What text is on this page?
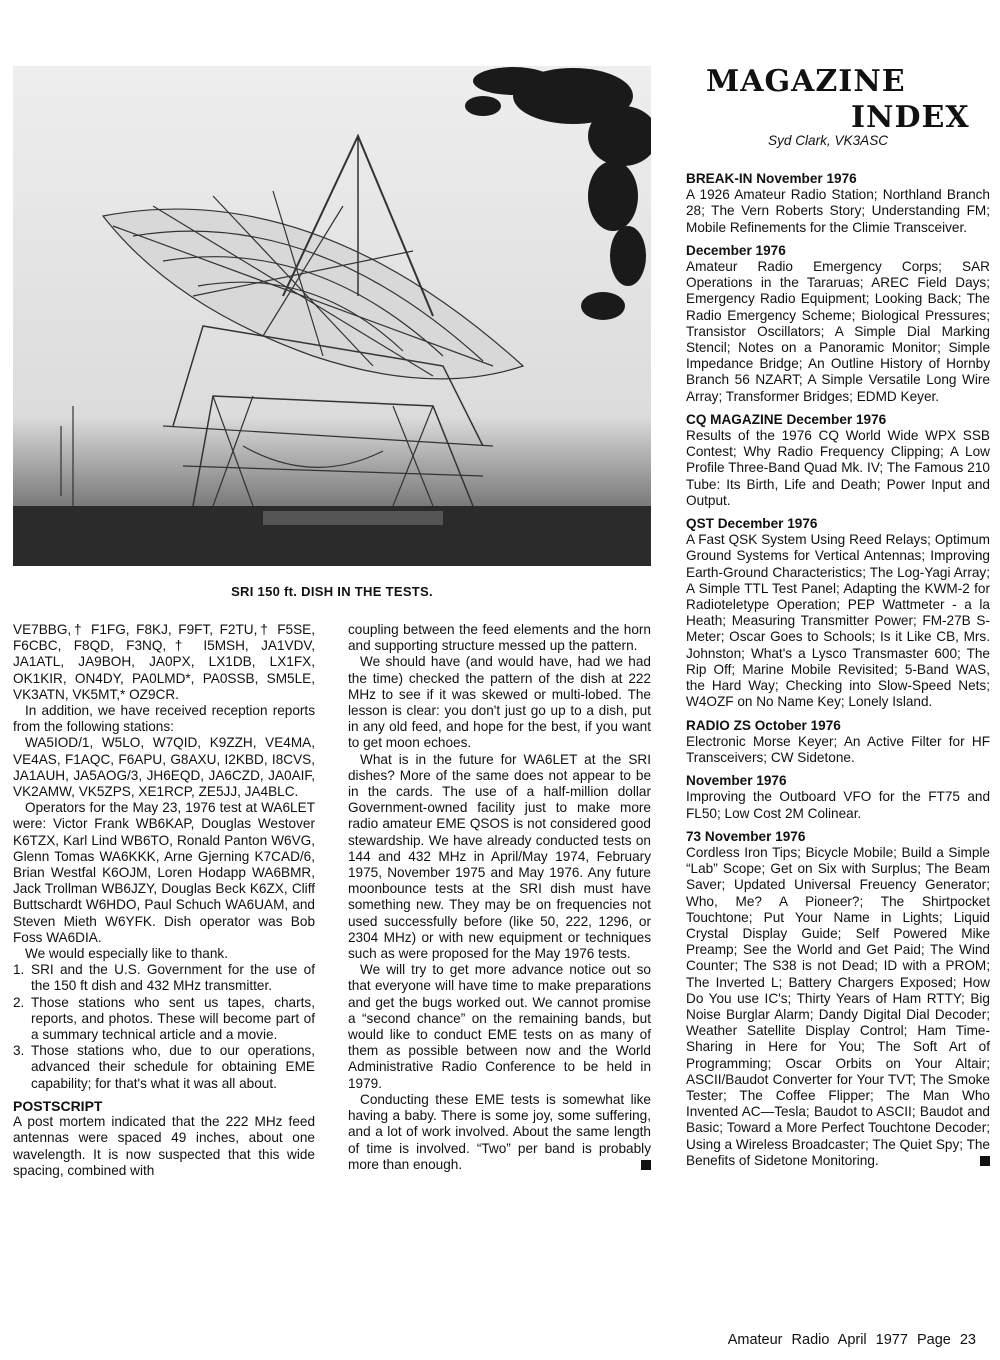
SRI 150 ft. DISH IN THE TESTS.

VE7BBG,† F1FG, F8KJ, F9FT, F2TU,† F5SE, F6CBC, F8QD, F3NQ,† I5MSH, JA1VDV, JA1ATL, JA9BOH, JA0PX, LX1DB, LX1FX, OK1KIR, ON4DY, PA0LMD*, PA0SSB, SM5LE, VK3ATN, VK5MT,* OZ9CR.

In addition, we have received reception reports from the following stations:

WA5IOD/1, W5LO, W7QID, K9ZZH, VE4MA, VE4AS, F1AQC, F6APU, G8AXU, I2KBD, I8CVS, JA1AUH, JA5AOG/3, JH6EQD, JA6CZD, JA0AIF, VK2AMW, VK5ZPS, XE1RCP, ZE5JJ, JA4BLC.

Operators for the May 23, 1976 test at WA6LET were: Victor Frank WB6KAP, Douglas Westover K6TZX, Karl Lind WB6TO, Ronald Panton W6VG, Glenn Tomas WA6KKK, Arne Gjerning K7CAD/6, Brian Westfal K6OJM, Loren Hodapp WA6BMR, Jack Trollman WB6JZY, Douglas Beck K6ZX, Cliff Buttschardt W6HDO, Paul Schuch WA6UAM, and Steven Mieth W6YFK. Dish operator was Bob Foss WA6DIA.

We would especially like to thank.

1. SRI and the U.S. Government for the use of the 150 ft dish and 432 MHz transmitter.
2. Those stations who sent us tapes, charts, reports, and photos. These will become part of a summary technical article and a movie.
3. Those stations who, due to our operations, advanced their schedule for obtaining EME capability; for that's what it was all about.
POSTSCRIPT

A post mortem indicated that the 222 MHz feed antennas were spaced 49 inches, about one wavelength. It is now suspected that this wide spacing, combined with

coupling between the feed elements and the horn and supporting structure messed up the pattern.

We should have (and would have, had we had the time) checked the pattern of the dish at 222 MHz to see if it was skewed or multi-lobed. The lesson is clear: you don't just go up to a dish, put in any old feed, and hope for the best, if you want to get moon echoes.

What is in the future for WA6LET at the SRI dishes? More of the same does not appear to be in the cards. The use of a half-million dollar Government-owned facility just to make more radio amateur EME QSOS is not considered good stewardship. We have already conducted tests on 144 and 432 MHz in April/May 1974, February 1975, November 1975 and May 1976. Any future moonbounce tests at the SRI dish must have something new. They may be on frequencies not used successfully before (like 50, 222, 1296, or 2304 MHz) or with new equipment or techniques such as were proposed for the May 1976 tests.

We will try to get more advance notice out so that everyone will have time to make preparations and get the bugs worked out. We cannot promise a “second chance” on the remaining bands, but would like to conduct EME tests on as many of them as possible between now and the World Administrative Radio Conference to be held in 1979.

Conducting these EME tests is somewhat like having a baby. There is some joy, some suffering, and a lot of work involved. About the same length of time is involved. “Two” per band is probably more than enough.

MAGAZINE
INDEX
Syd Clark, VK3ASC
BREAK-IN November 1976

A 1926 Amateur Radio Station; Northland Branch 28; The Vern Roberts Story; Understanding FM; Mobile Refinements for the Climie Transceiver.

December 1976

Amateur Radio Emergency Corps; SAR Operations in the Tararuas; AREC Field Days; Emergency Radio Equipment; Looking Back; The Radio Emergency Scheme; Biological Pressures; Transistor Oscillators; A Simple Dial Marking Stencil; Notes on a Panoramic Monitor; Simple Impedance Bridge; An Outline History of Hornby Branch 56 NZART; A Simple Versatile Long Wire Array; Transformer Bridges; EDMD Keyer.

CQ MAGAZINE December 1976

Results of the 1976 CQ World Wide WPX SSB Contest; Why Radio Frequency Clipping; A Low Profile Three-Band Quad Mk. IV; The Famous 210 Tube: Its Birth, Life and Death; Power Input and Output.

QST December 1976

A Fast QSK System Using Reed Relays; Optimum Ground Systems for Vertical Antennas; Improving Earth-Ground Characteristics; The Log-Yagi Array; A Simple TTL Test Panel; Adapting the KWM-2 for Radioteletype Operation; PEP Wattmeter - a la Heath; Measuring Transmitter Power; FM-27B S-Meter; Oscar Goes to Schools; Is it Like CB, Mrs. Johnston; What's a Lysco Transmaster 600; The Rip Off; Marine Mobile Revisited; 5-Band WAS, the Hard Way; Checking into Slow-Speed Nets; W4OZF on No Name Key; Lonely Island.

RADIO ZS October 1976

Electronic Morse Keyer; An Active Filter for HF Transceivers; CW Sidetone.

November 1976

Improving the Outboard VFO for the FT75 and FL50; Low Cost 2M Colinear.

73 November 1976

Cordless Iron Tips; Bicycle Mobile; Build a Simple “Lab” Scope; Get on Six with Surplus; The Beam Saver; Updated Universal Freuency Generator; Who, Me? A Pioneer?; The Shirtpocket Touchtone; Put Your Name in Lights; Liquid Crystal Display Guide; Self Powered Mike Preamp; See the World and Get Paid; The Wind Counter; The S38 is not Dead; ID with a PROM; The Inverted L; Battery Chargers Exposed; How Do You use IC's; Thirty Years of Ham RTTY; Big Noise Burglar Alarm; Dandy Digital Dial Decoder; Weather Satellite Display Control; Ham Time-Sharing in Here for You; The Soft Art of Programming; Oscar Orbits on Your Altair; ASCII/Baudot Converter for Your TVT; The Smoke Tester; The Coffee Flipper; The Man Who Invented AC—Tesla; Baudot to ASCII; Baudot and Basic; Toward a More Perfect Touchtone Decoder; Using a Wireless Broadcaster; The Quiet Spy; The Benefits of Sidetone Monitoring.

Amateur Radio April 1977 Page 23
